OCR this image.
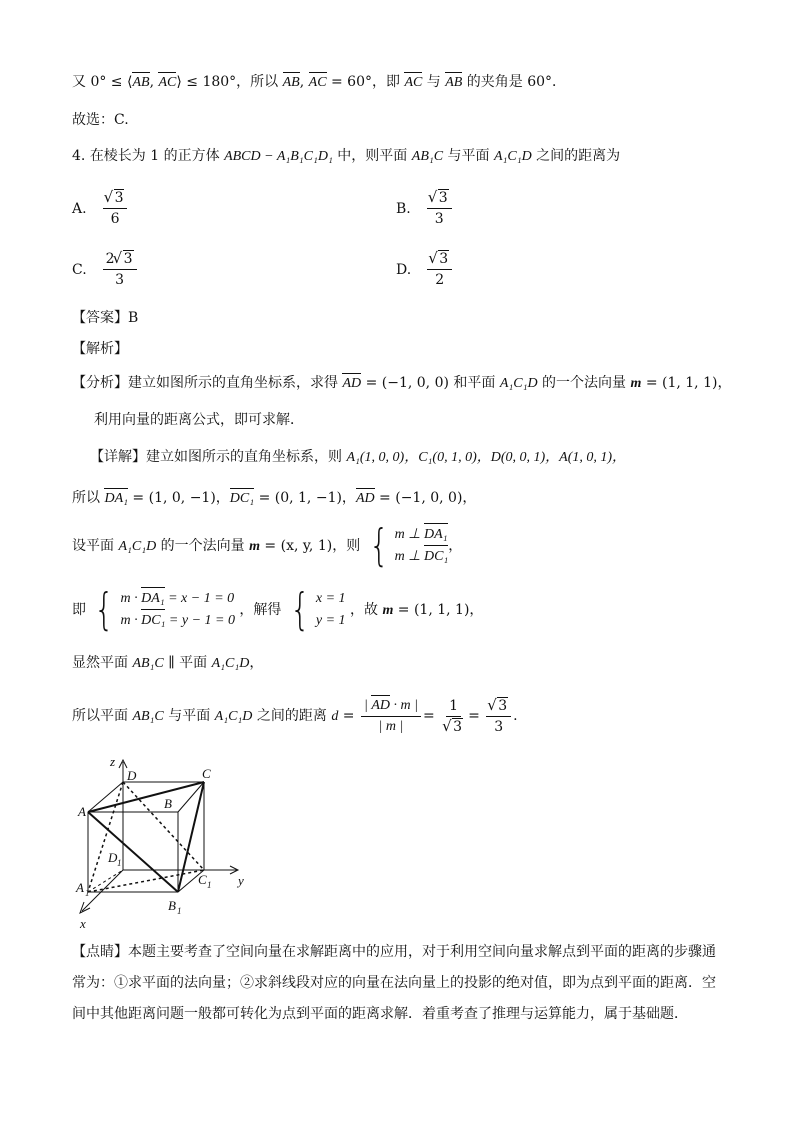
又 0° ≤ ⟨AB, AC⟩ ≤ 180°，所以 AB, AC = 60°，即 AC 与 AB 的夹角是 60°．
故选：C.
4. 在棱长为 1 的正方体 ABCD − A₁B₁C₁D₁ 中，则平面 AB₁C 与平面 A₁C₁D 之间的距离为
A. √ $\frac{3}{6}$	B. √ $\frac{3}{3}$
C. $\frac{2 √ 3}{3}$	D. √ $\frac{3}{2}$
【答案】B
【解析】
【分析】建立如图所示的直角坐标系，求得 AD = (−1, 0, 0) 和平面 A₁C₁D 的一个法向量 m = (1, 1, 1)，
利用向量的距离公式，即可求解．
【详解】建立如图所示的直角坐标系，则 A₁(1, 0, 0)，C₁(0, 1, 0)，D(0, 0, 1)，A(1, 0, 1)，
所以 DA₁ = (1, 0, −1)，DC₁ = (0, 1, −1)，AD = (−1, 0, 0)，
设平面 A₁C₁D 的一个法向量 m = (x, y, 1)，则 { m ⊥ DA₁
m ⊥ DC₁
，
即 { m · DA₁ = x − 1 = 0
m · DC₁ = y − 1 = 0
，解得 { x = 1
y = 1
，故 m = (1, 1, 1)，
显然平面 AB₁C ∥ 平面 A₁C₁D，
所以平面 AB₁C 与平面 A₁C₁D 之间的距离 $d = \frac{| AD \cdot m |}{| m |} = 1$
√ 3 = √ $\frac{3}{3}$ .
z
y
x
D	C
A
B
D 1
A 1
C 1
B 1
【点睛】本题主要考查了空间向量在求解距离中的应用，对于利用空间向量求解点到平面的距离的步骤通
常为：①求平面的法向量；②求斜线段对应的向量在法向量上的投影的绝对值，即为点到平面的距离．空
间中其他距离问题一般都可转化为点到平面的距离求解．着重考查了推理与运算能力，属于基础题．
